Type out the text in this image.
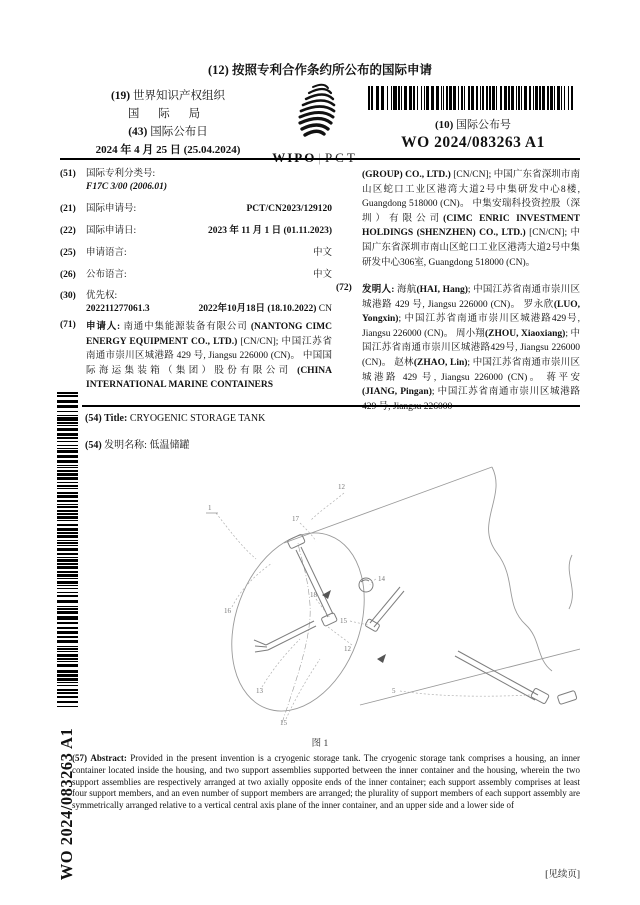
(12) 按照专利合作条约所公布的国际申请
(19) 世界知识产权组织
国 际 局
(43) 国际公布日
2024 年 4 月 25 日 (25.04.2024)
(10) 国际公布号
WO 2024/083263 A1
(51)	国际专利分类号:
F17C 3/00 (2006.01)
(21)	国际申请号:	PCT/CN2023/129120
(22)	国际申请日:	2023 年 11 月 1 日 (01.11.2023)
(25)	申请语言:	中文
(26)	公布语言:	中文
(30)	优先权:
202211277061.3	2022年10月18日 (18.10.2022) CN
(71) 申请人: 南通中集能源装备有限公司 (NANTONG CIMC ENERGY EQUIPMENT CO., LTD.) [CN/CN]; 中国江苏省南通市崇川区城港路 429 号, Jiangsu 226000 (CN)。 中国国际海运集装箱（集团）股份有限公司 (CHINA INTERNATIONAL MARINE CONTAINERS
(GROUP) CO., LTD.) [CN/CN]; 中国广东省深圳市南山区蛇口工业区港湾大道2号中集研发中心8楼, Guangdong 518000 (CN)。 中集安瑞科投资控股（深圳）有限公司(CIMC ENRIC INVESTMENT HOLDINGS (SHENZHEN) CO., LTD.) [CN/CN]; 中国广东省深圳市南山区蛇口工业区港湾大道2号中集研发中心306室, Guangdong 518000 (CN)。
(72) 发明人: 海航(HAI, Hang); 中国江苏省南通市崇川区城港路 429 号, Jiangsu 226000 (CN)。 罗永欣(LUO, Yongxin); 中国江苏省南通市崇川区城港路429号, Jiangsu 226000 (CN)。 周小翔(ZHOU, Xiaoxiang); 中国江苏省南通市崇川区城港路429号, Jiangsu 226000 (CN)。 赵林(ZHAO, Lin); 中国江苏省南通市崇川区城港路 429 号, Jiangsu 226000 (CN)。 蒋平安(JIANG, Pingan); 中国江苏省南通市崇川区城港路
(54) Title: CRYOGENIC STORAGE TANK
(54) 发明名称: 低温储罐
1
12
17
14
16
18
15
12
13
15
5
图 1
(57) Abstract: Provided in the present invention is a cryogenic storage tank. The cryogenic storage tank comprises a housing, an inner container located inside the housing, and two support assemblies supported between the inner container and the housing, wherein the two support assemblies are respectively arranged at two axially opposite ends of the inner container; each support assembly comprises at least four support members, and an even number of support members are arranged; the plurality of support members of each support assembly are symmetrically arranged relative to a vertical central axis plane of the inner container, and an upper side and a lower side of
WO 2024/083263 A1	[见续页]
